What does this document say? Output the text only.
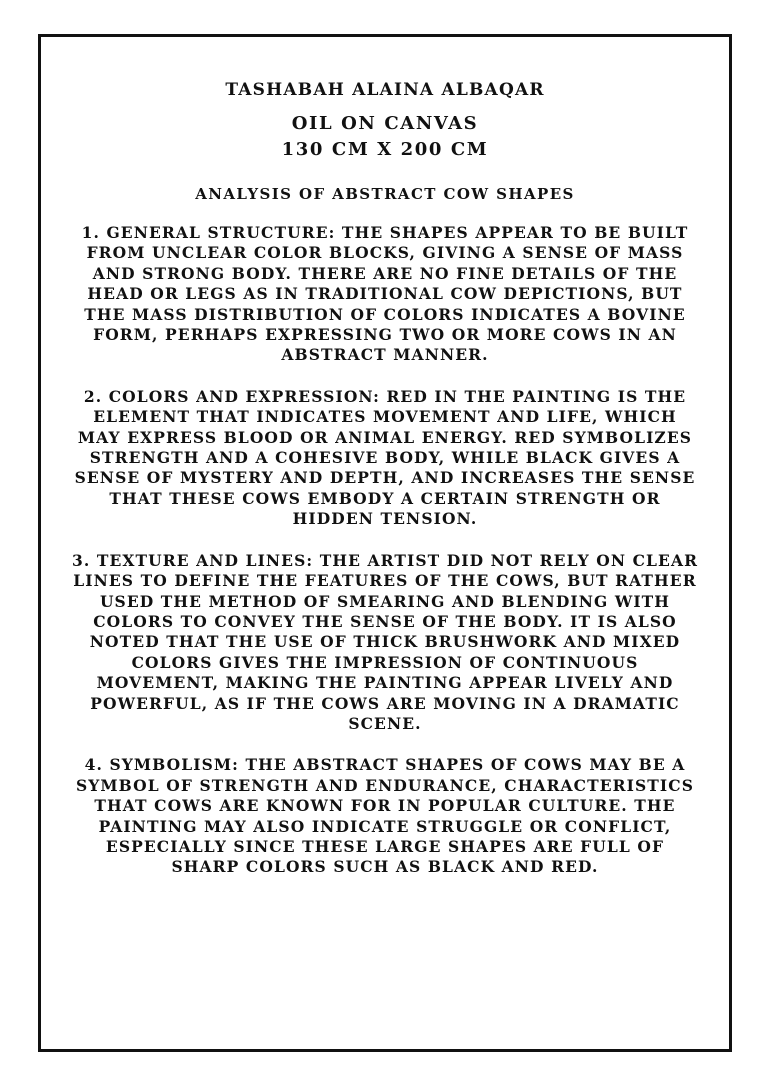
TASHABAH ALAINA ALBAQAR
OIL ON CANVAS
130 CM X 200 CM
ANALYSIS OF ABSTRACT COW SHAPES

1. GENERAL STRUCTURE: THE SHAPES APPEAR TO BE BUILT FROM UNCLEAR COLOR BLOCKS, GIVING A SENSE OF MASS AND STRONG BODY. THERE ARE NO FINE DETAILS OF THE HEAD OR LEGS AS IN TRADITIONAL COW DEPICTIONS, BUT THE MASS DISTRIBUTION OF COLORS INDICATES A BOVINE FORM, PERHAPS EXPRESSING TWO OR MORE COWS IN AN ABSTRACT MANNER.

2. COLORS AND EXPRESSION: RED IN THE PAINTING IS THE ELEMENT THAT INDICATES MOVEMENT AND LIFE, WHICH MAY EXPRESS BLOOD OR ANIMAL ENERGY. RED SYMBOLIZES STRENGTH AND A COHESIVE BODY, WHILE BLACK GIVES A SENSE OF MYSTERY AND DEPTH, AND INCREASES THE SENSE THAT THESE COWS EMBODY A CERTAIN STRENGTH OR HIDDEN TENSION.

3. TEXTURE AND LINES: THE ARTIST DID NOT RELY ON CLEAR LINES TO DEFINE THE FEATURES OF THE COWS, BUT RATHER USED THE METHOD OF SMEARING AND BLENDING WITH COLORS TO CONVEY THE SENSE OF THE BODY. IT IS ALSO NOTED THAT THE USE OF THICK BRUSHWORK AND MIXED COLORS GIVES THE IMPRESSION OF CONTINUOUS MOVEMENT, MAKING THE PAINTING APPEAR LIVELY AND POWERFUL, AS IF THE COWS ARE MOVING IN A DRAMATIC SCENE.

4. SYMBOLISM: THE ABSTRACT SHAPES OF COWS MAY BE A SYMBOL OF STRENGTH AND ENDURANCE, CHARACTERISTICS THAT COWS ARE KNOWN FOR IN POPULAR CULTURE. THE PAINTING MAY ALSO INDICATE STRUGGLE OR CONFLICT, ESPECIALLY SINCE THESE LARGE SHAPES ARE FULL OF SHARP COLORS SUCH AS BLACK AND RED.
